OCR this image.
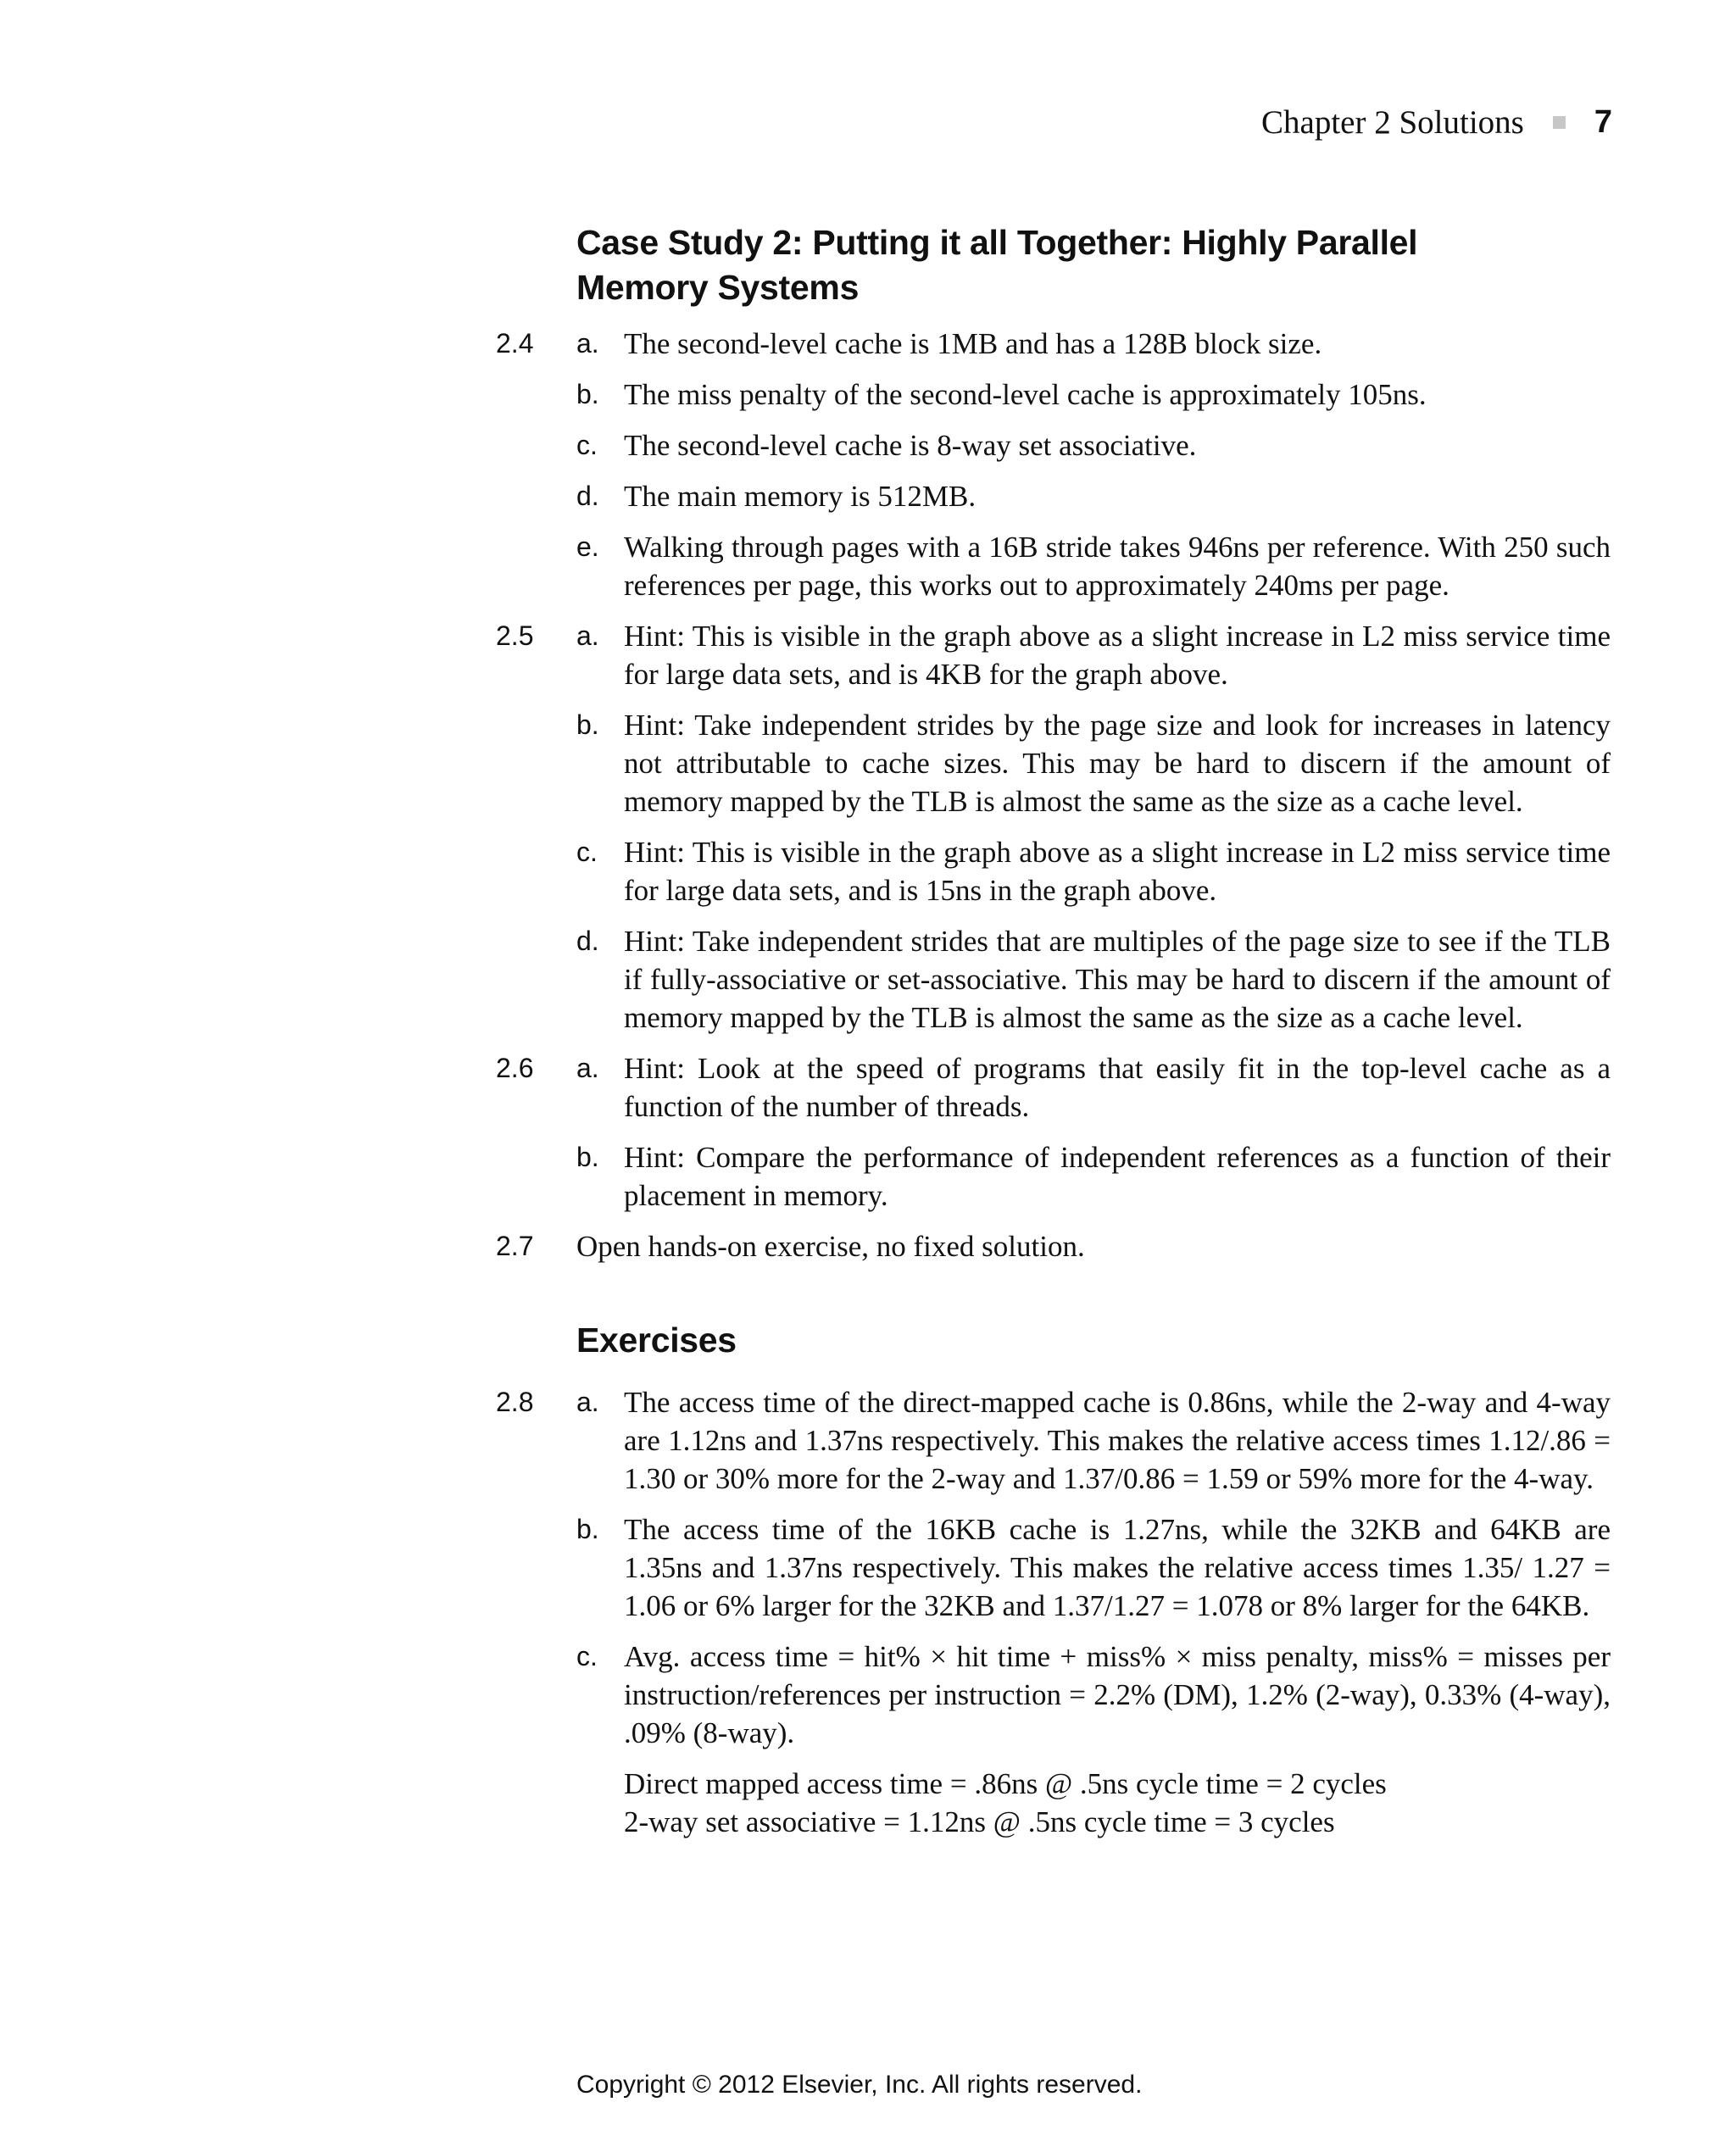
Chapter 2 Solutions 7
Case Study 2: Putting it all Together: Highly Parallel
Memory Systems
2.4	a. The second-level cache is 1MB and has a 128B block size.
b. The miss penalty of the second-level cache is approximately 105ns.
c. The second-level cache is 8-way set associative.
d. The main memory is 512MB.
e. Walking through pages with a 16B stride takes 946ns per reference. With 250 such references per page, this works out to approximately 240ms per page.
2.5	a. Hint: This is visible in the graph above as a slight increase in L2 miss service time for large data sets, and is 4KB for the graph above.
b. Hint: Take independent strides by the page size and look for increases in latency not attributable to cache sizes. This may be hard to discern if the amount of memory mapped by the TLB is almost the same as the size as a cache level.
c. Hint: This is visible in the graph above as a slight increase in L2 miss service time for large data sets, and is 15ns in the graph above.
d. Hint: Take independent strides that are multiples of the page size to see if the TLB if fully-associative or set-associative. This may be hard to discern if the amount of memory mapped by the TLB is almost the same as the size as a cache level.
2.6	a. Hint: Look at the speed of programs that easily fit in the top-level cache as a function of the number of threads.
b. Hint: Compare the performance of independent references as a function of their placement in memory.
2.7	Open hands-on exercise, no fixed solution.
Exercises
2.8	a. The access time of the direct-mapped cache is 0.86ns, while the 2-way and 4-way are 1.12ns and 1.37ns respectively. This makes the relative access times 1.12/.86 = 1.30 or 30% more for the 2-way and 1.37/0.86 = 1.59 or 59% more for the 4-way.
b. The access time of the 16KB cache is 1.27ns, while the 32KB and 64KB are 1.35ns and 1.37ns respectively. This makes the relative access times 1.35/ 1.27 = 1.06 or 6% larger for the 32KB and 1.37/1.27 = 1.078 or 8% larger for the 64KB.
c. Avg. access time = hit% × hit time + miss% × miss penalty, miss% = misses per instruction/references per instruction = 2.2% (DM), 1.2% (2-way), 0.33% (4-way), .09% (8-way).
Direct mapped access time = .86ns @ .5ns cycle time = 2 cycles
2-way set associative = 1.12ns @ .5ns cycle time = 3 cycles
Copyright © 2012 Elsevier, Inc. All rights reserved.
